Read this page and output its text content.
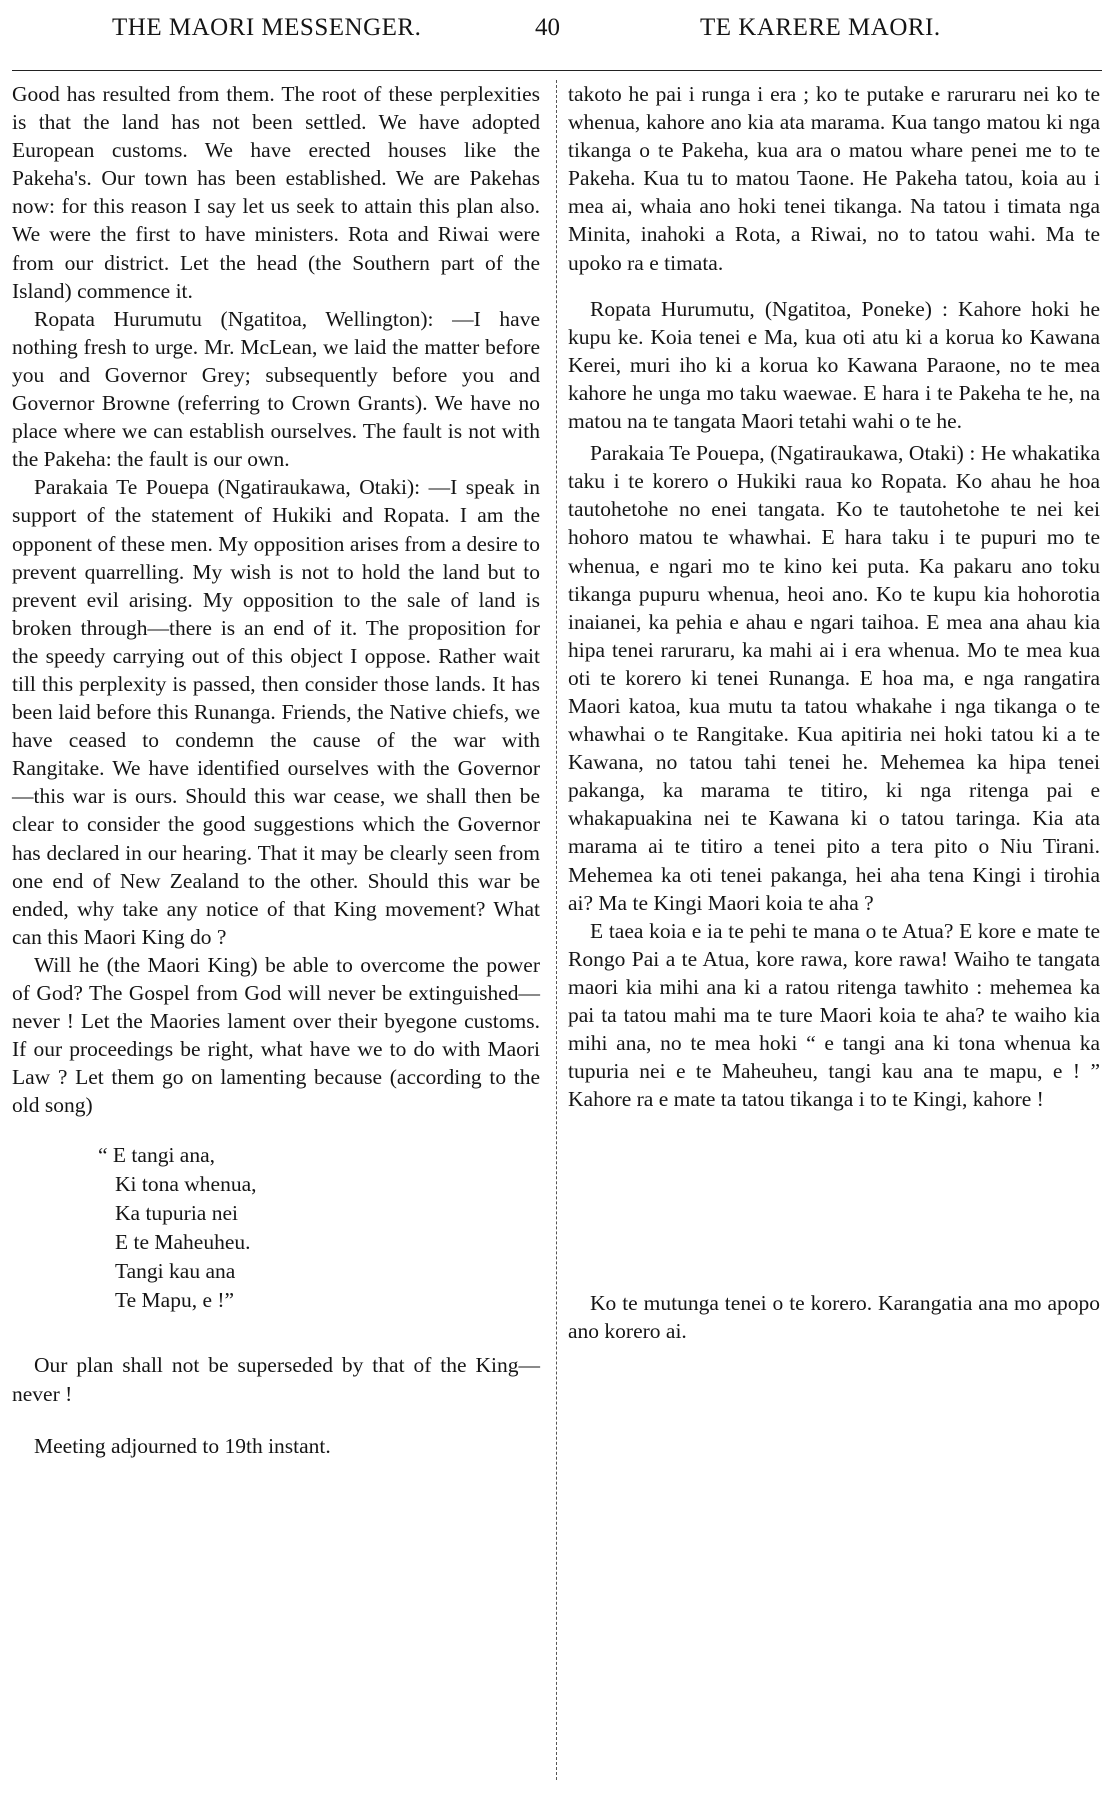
THE MAORI MESSENGER.	40	TE KARERE MAORI.

Good has resulted from them. The root of these perplexities is that the land has not been settled. We have adopted European customs. We have erected houses like the Pakeha's. Our town has been established. We are Pakehas now: for this reason I say let us seek to attain this plan also. We were the first to have ministers. Rota and Riwai were from our district. Let the head (the Southern part of the Island) commence it.

Ropata Hurumutu (Ngatitoa, Wellington): —I have nothing fresh to urge. Mr. McLean, we laid the matter before you and Governor Grey; subsequently before you and Governor Browne (referring to Crown Grants). We have no place where we can establish ourselves. The fault is not with the Pakeha: the fault is our own.

Parakaia Te Pouepa (Ngatiraukawa, Otaki): —I speak in support of the statement of Hukiki and Ropata. I am the opponent of these men. My opposition arises from a desire to prevent quarrelling. My wish is not to hold the land but to prevent evil arising. My opposition to the sale of land is broken through—there is an end of it. The proposition for the speedy carrying out of this object I oppose. Rather wait till this perplexity is passed, then consider those lands. It has been laid before this Runanga. Friends, the Native chiefs, we have ceased to condemn the cause of the war with Rangitake. We have identified ourselves with the Governor—this war is ours. Should this war cease, we shall then be clear to consider the good suggestions which the Governor has declared in our hearing. That it may be clearly seen from one end of New Zealand to the other. Should this war be ended, why take any notice of that King movement? What can this Maori King do ?

Will he (the Maori King) be able to overcome the power of God? The Gospel from God will never be extinguished—never ! Let the Maories lament over their byegone customs. If our proceedings be right, what have we to do with Maori Law ? Let them go on lamenting because (according to the old song)

“ E tangi ana,
Ki tona whenua,
Ka tupuria nei
E te Maheuheu.
Tangi kau ana
Te Mapu, e !”

Our plan shall not be superseded by that of the King—never !

Meeting adjourned to 19th instant.

takoto he pai i runga i era ; ko te putake e raruraru nei ko te whenua, kahore ano kia ata marama. Kua tango matou ki nga tikanga o te Pakeha, kua ara o matou whare penei me to te Pakeha. Kua tu to matou Taone. He Pakeha tatou, koia au i mea ai, whaia ano hoki tenei tikanga. Na tatou i timata nga Minita, inahoki a Rota, a Riwai, no to tatou wahi. Ma te upoko ra e timata.

Ropata Hurumutu, (Ngatitoa, Poneke) : Kahore hoki he kupu ke. Koia tenei e Ma, kua oti atu ki a korua ko Kawana Kerei, muri iho ki a korua ko Kawana Paraone, no te mea kahore he unga mo taku waewae. E hara i te Pakeha te he, na matou na te tangata Maori tetahi wahi o te he.

Parakaia Te Pouepa, (Ngatiraukawa, Otaki) : He whakatika taku i te korero o Hukiki raua ko Ropata. Ko ahau he hoa tautohetohe no enei tangata. Ko te tautohetohe te nei kei hohoro matou te whawhai. E hara taku i te pupuri mo te whenua, e ngari mo te kino kei puta. Ka pakaru ano toku tikanga pupuru whenua, heoi ano. Ko te kupu kia hohorotia inaianei, ka pehia e ahau e ngari taihoa. E mea ana ahau kia hipa tenei raruraru, ka mahi ai i era whenua. Mo te mea kua oti te korero ki tenei Runanga. E hoa ma, e nga rangatira Maori katoa, kua mutu ta tatou whakahe i nga tikanga o te whawhai o te Rangitake. Kua apitiria nei hoki tatou ki a te Kawana, no tatou tahi tenei he. Mehemea ka hipa tenei pakanga, ka marama te titiro, ki nga ritenga pai e whakapuakina nei te Kawana ki o tatou taringa. Kia ata marama ai te titiro a tenei pito a tera pito o Niu Tirani. Mehemea ka oti tenei pakanga, hei aha tena Kingi i tirohia ai? Ma te Kingi Maori koia te aha ?

E taea koia e ia te pehi te mana o te Atua? E kore e mate te Rongo Pai a te Atua, kore rawa, kore rawa! Waiho te tangata maori kia mihi ana ki a ratou ritenga tawhito : mehemea ka pai ta tatou mahi ma te ture Maori koia te aha? te waiho kia mihi ana, no te mea hoki “ e tangi ana ki tona whenua ka tupuria nei e te Maheuheu, tangi kau ana te mapu, e ! ” Kahore ra e mate ta tatou tikanga i to te Kingi, kahore !

Ko te mutunga tenei o te korero. Karangatia ana mo apopo ano korero ai.
